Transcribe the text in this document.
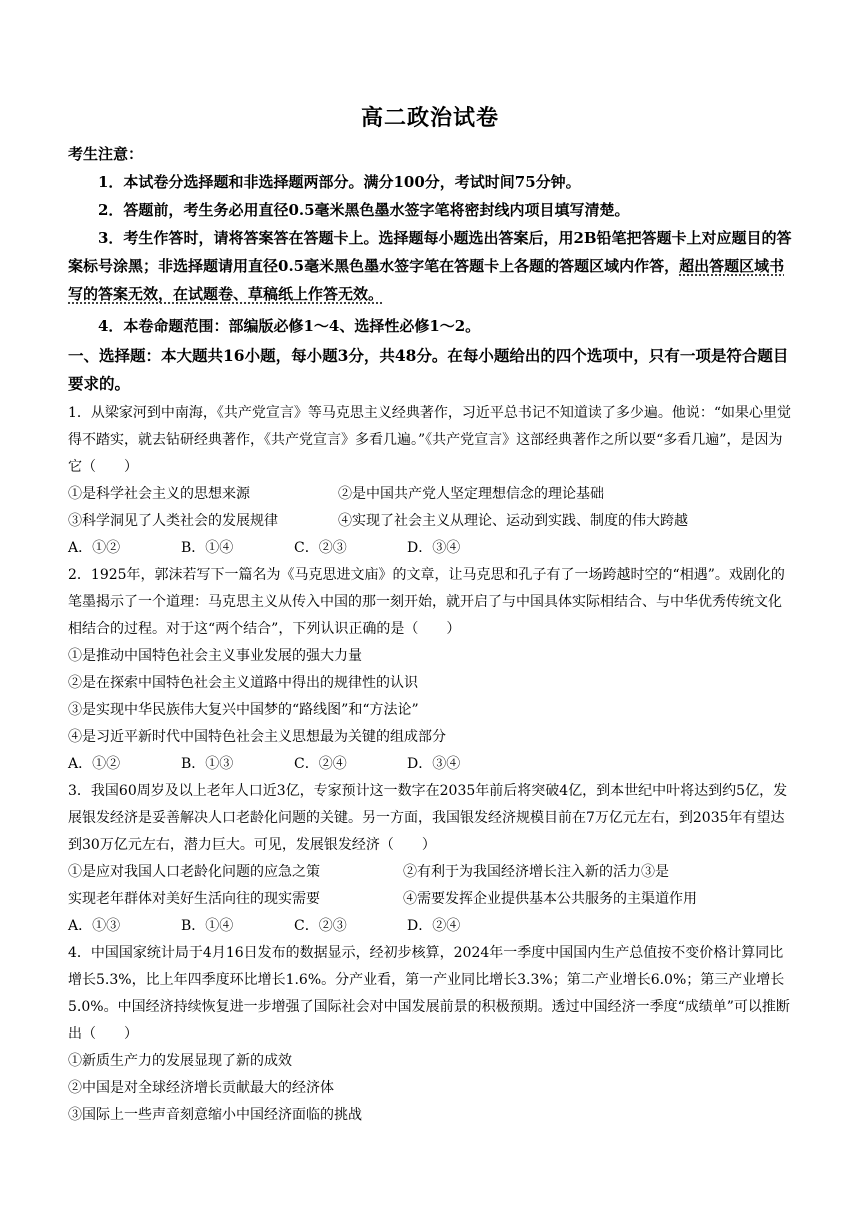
高二政治试卷
考生注意：
1．本试卷分选择题和非选择题两部分。满分100分，考试时间75分钟。
2．答题前，考生务必用直径0.5毫米黑色墨水签字笔将密封线内项目填写清楚。
3．考生作答时，请将答案答在答题卡上。选择题每小题选出答案后，用2B铅笔把答题卡上对应题目的答案标号涂黑；非选择题请用直径0.5毫米黑色墨水签字笔在答题卡上各题的答题区域内作答，超出答题区域书写的答案无效，在试题卷、草稿纸上作答无效。
4．本卷命题范围：部编版必修1～4、选择性必修1～2。
一、选择题：本大题共16小题，每小题3分，共48分。在每小题给出的四个选项中，只有一项是符合题目要求的。
1．从梁家河到中南海，《共产党宣言》等马克思主义经典著作，习近平总书记不知道读了多少遍。他说：“如果心里觉得不踏实，就去钻研经典著作，《共产党宣言》多看几遍。”《共产党宣言》这部经典著作之所以要“多看几遍”，是因为它（　　）
①是科学社会主义的思想来源	②是中国共产党人坚定理想信念的理论基础
③科学洞见了人类社会的发展规律	④实现了社会主义从理论、运动到实践、制度的伟大跨越
A．①②	B．①④	C．②③	D．③④
2．1925年，郭沫若写下一篇名为《马克思进文庙》的文章，让马克思和孔子有了一场跨越时空的“相遇”。戏剧化的笔墨揭示了一个道理：马克思主义从传入中国的那一刻开始，就开启了与中国具体实际相结合、与中华优秀传统文化相结合的过程。对于这“两个结合”，下列认识正确的是（　　）
①是推动中国特色社会主义事业发展的强大力量
②是在探索中国特色社会主义道路中得出的规律性的认识
③是实现中华民族伟大复兴中国梦的“路线图”和“方法论”
④是习近平新时代中国特色社会主义思想最为关键的组成部分
A．①②	B．①③	C．②④	D．③④
3．我国60周岁及以上老年人口近3亿，专家预计这一数字在2035年前后将突破4亿，到本世纪中叶将达到约5亿，发展银发经济是妥善解决人口老龄化问题的关键。另一方面，我国银发经济规模目前在7万亿元左右，到2035年有望达到30万亿元左右，潜力巨大。可见，发展银发经济（　　）
①是应对我国人口老龄化问题的应急之策	②有利于为我国经济增长注入新的活力③是
实现老年群体对美好生活向往的现实需要	④需要发挥企业提供基本公共服务的主渠道作用
A．①③	B．①④	C．②③	D．②④
4．中国国家统计局于4月16日发布的数据显示，经初步核算，2024年一季度中国国内生产总值按不变价格计算同比增长5.3%，比上年四季度环比增长1.6%。分产业看，第一产业同比增长3.3%；第二产业增长6.0%；第三产业增长5.0%。中国经济持续恢复进一步增强了国际社会对中国发展前景的积极预期。透过中国经济一季度“成绩单”可以推断出（　　）
①新质生产力的发展显现了新的成效
②中国是对全球经济增长贡献最大的经济体
③国际上一些声音刻意缩小中国经济面临的挑战
